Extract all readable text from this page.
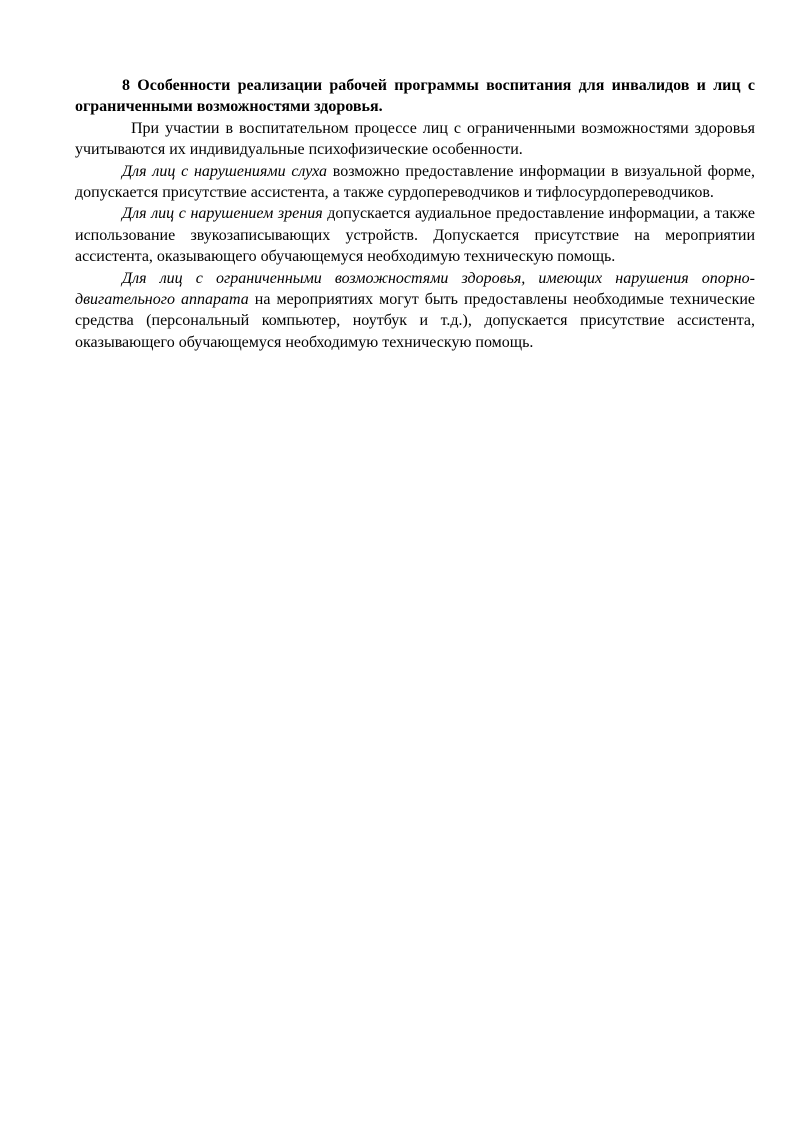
8 Особенности реализации рабочей программы воспитания для инвалидов и лиц с ограниченными возможностями здоровья.

При участии в воспитательном процессе лиц с ограниченными возможностями здоровья учитываются их индивидуальные психофизические особенности.

Для лиц с нарушениями слуха возможно предоставление информации в визуальной форме, допускается присутствие ассистента, а также сурдопереводчиков и тифлосурдопереводчиков.

Для лиц с нарушением зрения допускается аудиальное предоставление информации, а также использование звукозаписывающих устройств. Допускается присутствие на мероприятии ассистента, оказывающего обучающемуся необходимую техническую помощь.

Для лиц с ограниченными возможностями здоровья, имеющих нарушения опорно-двигательного аппарата на мероприятиях могут быть предоставлены необходимые технические средства (персональный компьютер, ноутбук и т.д.), допускается присутствие ассистента, оказывающего обучающемуся необходимую техническую помощь.
